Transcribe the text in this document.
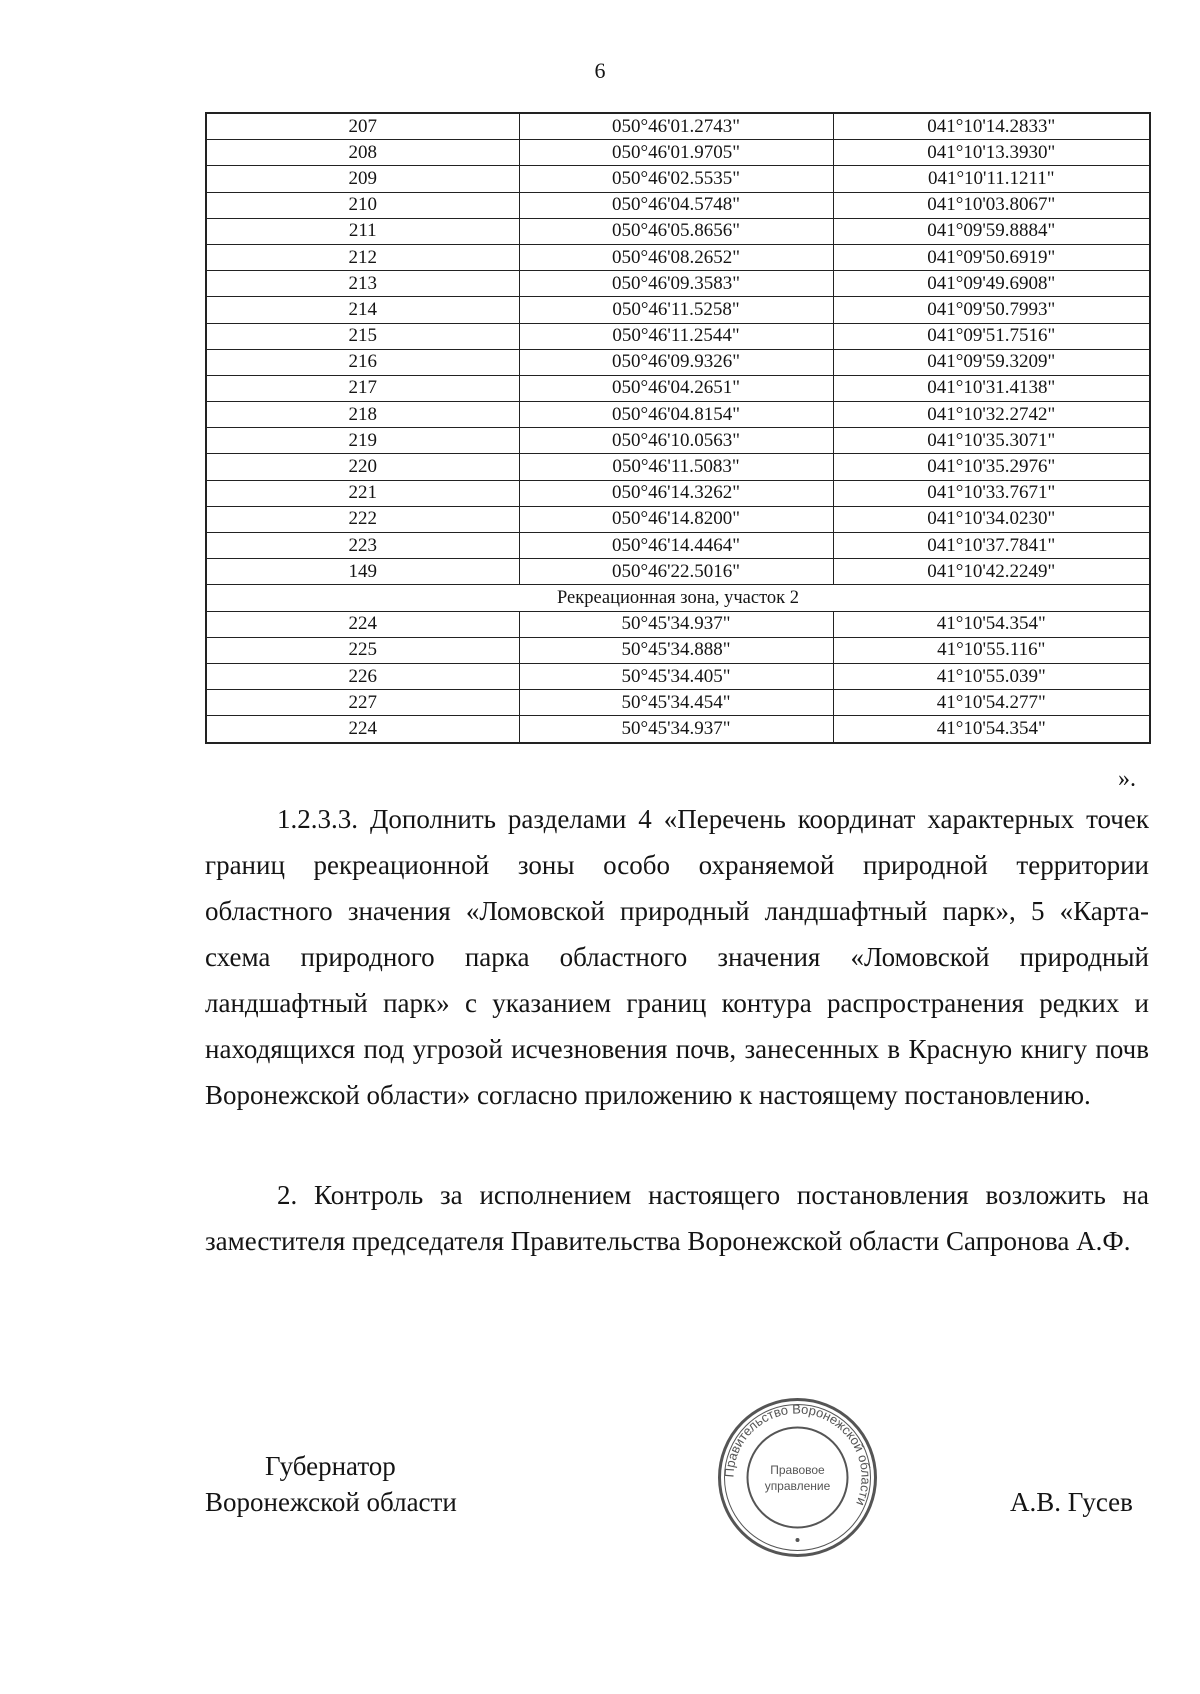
6
207	050°46'01.2743"	041°10'14.2833"
208	050°46'01.9705"	041°10'13.3930"
209	050°46'02.5535"	041°10'11.1211"
210	050°46'04.5748"	041°10'03.8067"
211	050°46'05.8656"	041°09'59.8884"
212	050°46'08.2652"	041°09'50.6919"
213	050°46'09.3583"	041°09'49.6908"
214	050°46'11.5258"	041°09'50.7993"
215	050°46'11.2544"	041°09'51.7516"
216	050°46'09.9326"	041°09'59.3209"
217	050°46'04.2651"	041°10'31.4138"
218	050°46'04.8154"	041°10'32.2742"
219	050°46'10.0563"	041°10'35.3071"
220	050°46'11.5083"	041°10'35.2976"
221	050°46'14.3262"	041°10'33.7671"
222	050°46'14.8200"	041°10'34.0230"
223	050°46'14.4464"	041°10'37.7841"
149	050°46'22.5016"	041°10'42.2249"
Рекреационная зона, участок 2		
224	50°45'34.937"	41°10'54.354"
225	50°45'34.888"	41°10'55.116"
226	50°45'34.405"	41°10'55.039"
227	50°45'34.454"	41°10'54.277"
224	50°45'34.937"	41°10'54.354"
».

1.2.3.3. Дополнить разделами 4 «Перечень координат характерных точек границ рекреационной зоны особо охраняемой природной территории областного значения «Ломовской природный ландшафтный парк», 5 «Карта-схема природного парка областного значения «Ломовской природный ландшафтный парк» с указанием границ контура распространения редких и находящихся под угрозой исчезновения почв, занесенных в Красную книгу почв Воронежской области» согласно приложению к настоящему постановлению.

2. Контроль за исполнением настоящего постановления возложить на заместителя председателя Правительства Воронежской области Сапронова А.Ф.

Губернатор
Воронежской области
Правительство Воронежской области
Правовое
управление
А.В. Гусев
